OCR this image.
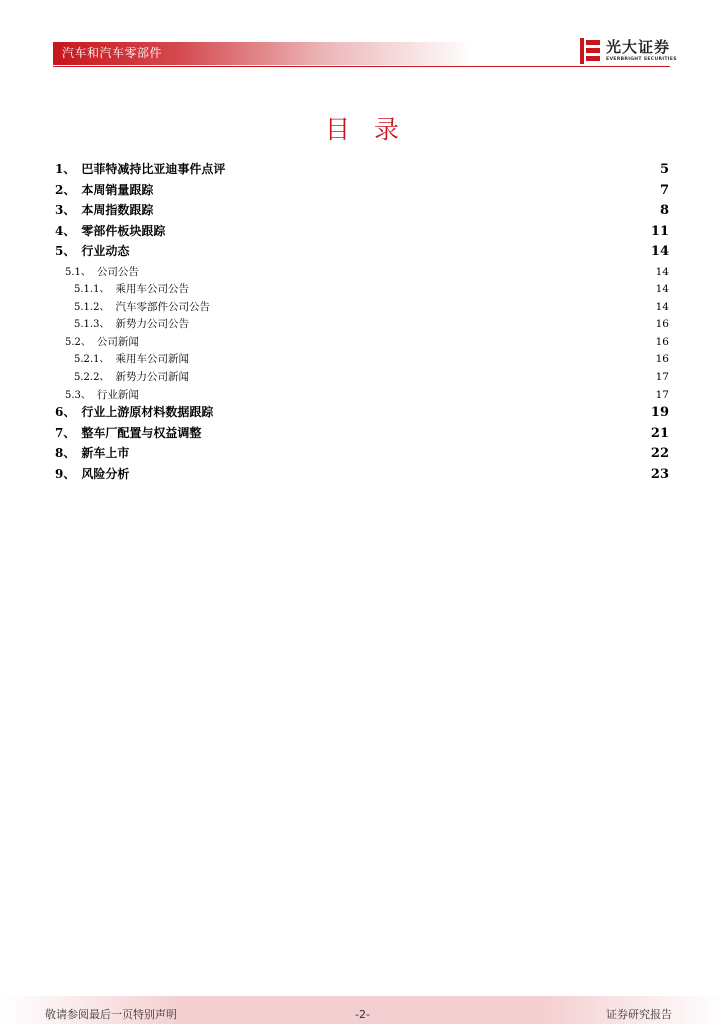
汽车和汽车零部件	光大证券
EVERBRIGHT SECURITIES
目录
1、 巴菲特减持比亚迪事件点评	5
2、 本周销量跟踪	7
3、 本周指数跟踪	8
4、 零部件板块跟踪	11
5、 行业动态	14
5.1、 公司公告	14
5.1.1、 乘用车公司公告	14
5.1.2、 汽车零部件公司公告	14
5.1.3、 新势力公司公告	16
5.2、 公司新闻	16
5.2.1、 乘用车公司新闻	16
5.2.2、 新势力公司新闻	17
5.3、 行业新闻	17
6、 行业上游原材料数据跟踪	19
7、 整车厂配置与权益调整	21
8、 新车上市	22
9、 风险分析	23
敬请参阅最后一页特别声明	-2-	证券研究报告
